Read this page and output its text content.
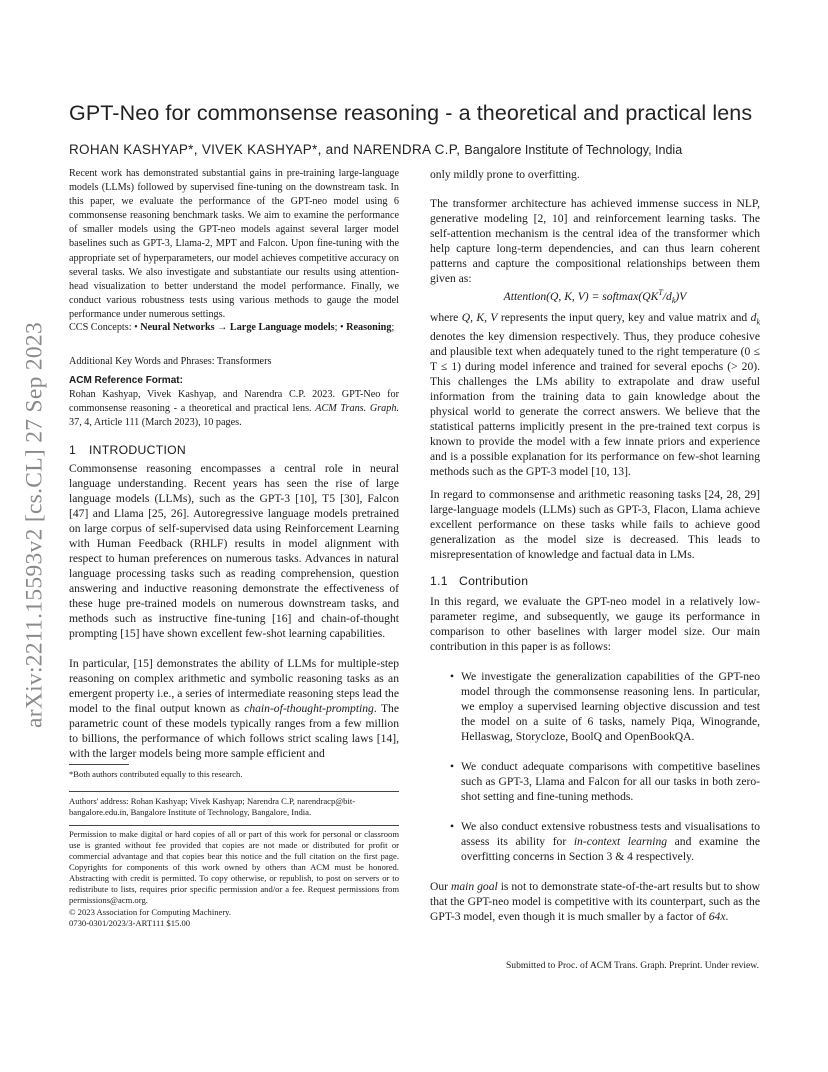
arXiv:2211.15593v2 [cs.CL] 27 Sep 2023
GPT-Neo for commonsense reasoning - a theoretical and practical lens
ROHAN KASHYAP*, VIVEK KASHYAP*, and NARENDRA C.P, Bangalore Institute of Technology, India

Recent work has demonstrated substantial gains in pre-training large-language models (LLMs) followed by supervised fine-tuning on the downstream task. In this paper, we evaluate the performance of the GPT-neo model using 6 commonsense reasoning benchmark tasks. We aim to examine the performance of smaller models using the GPT-neo models against several larger model baselines such as GPT-3, Llama-2, MPT and Falcon. Upon fine-tuning with the appropriate set of hyperparameters, our model achieves competitive accuracy on several tasks. We also investigate and substantiate our results using attention-head visualization to better understand the model performance. Finally, we conduct various robustness tests using various methods to gauge the model performance under numerous settings.

CCS Concepts: • Neural Networks → Large Language models; • Reasoning;

Additional Key Words and Phrases: Transformers

ACM Reference Format:

Rohan Kashyap, Vivek Kashyap, and Narendra C.P. 2023. GPT-Neo for commonsense reasoning - a theoretical and practical lens. ACM Trans. Graph. 37, 4, Article 111 (March 2023), 10 pages.

1 INTRODUCTION

Commonsense reasoning encompasses a central role in neural language understanding. Recent years has seen the rise of large language models (LLMs), such as the GPT-3 [10], T5 [30], Falcon [47] and Llama [25, 26]. Autoregressive language models pretrained on large corpus of self-supervised data using Reinforcement Learning with Human Feedback (RHLF) results in model alignment with respect to human preferences on numerous tasks. Advances in natural language processing tasks such as reading comprehension, question answering and inductive reasoning demonstrate the effectiveness of these huge pre-trained models on numerous downstream tasks, and methods such as instructive fine-tuning [16] and chain-of-thought prompting [15] have shown excellent few-shot learning capabilities.

In particular, [15] demonstrates the ability of LLMs for multiple-step reasoning on complex arithmetic and symbolic reasoning tasks as an emergent property i.e., a series of intermediate reasoning steps lead the model to the final output known as chain-of-thought-prompting. The parametric count of these models typically ranges from a few million to billions, the performance of which follows strict scaling laws [14], with the larger models being more sample efficient and

*Both authors contributed equally to this research.

Authors' address: Rohan Kashyap; Vivek Kashyap; Narendra C.P, narendracp@bit-bangalore.edu.in, Bangalore Institute of Technology, Bangalore, India.

Permission to make digital or hard copies of all or part of this work for personal or classroom use is granted without fee provided that copies are not made or distributed for profit or commercial advantage and that copies bear this notice and the full citation on the first page. Copyrights for components of this work owned by others than ACM must be honored. Abstracting with credit is permitted. To copy otherwise, or republish, to post on servers or to redistribute to lists, requires prior specific permission and/or a fee. Request permissions from permissions@acm.org.

© 2023 Association for Computing Machinery.
0730-0301/2023/3-ART111 $15.00
only mildly prone to overfitting.

The transformer architecture has achieved immense success in NLP, generative modeling [2, 10] and reinforcement learning tasks. The self-attention mechanism is the central idea of the transformer which help capture long-term dependencies, and can thus learn coherent patterns and capture the compositional relationships between them given as:

Attention(Q, K, $V) = softmax(QK^T/d_k)V$

where Q, K, V represents the input query, key and value matrix and $d_k$ denotes the key dimension respectively. Thus, they produce cohesive and plausible text when adequately tuned to the right temperature (0 ≤ T ≤ 1) during model inference and trained for several epochs (> 20). This challenges the LMs ability to extrapolate and draw useful information from the training data to gain knowledge about the physical world to generate the correct answers. We believe that the statistical patterns implicitly present in the pre-trained text corpus is known to provide the model with a few innate priors and experience and is a possible explanation for its performance on few-shot learning methods such as the GPT-3 model [10, 13].

In regard to commonsense and arithmetic reasoning tasks [24, 28, 29] large-language models (LLMs) such as GPT-3, Flacon, Llama achieve excellent performance on these tasks while fails to achieve good generalization as the model size is decreased. This leads to misrepresentation of knowledge and factual data in LMs.

1.1 Contribution

In this regard, we evaluate the GPT-neo model in a relatively low-parameter regime, and subsequently, we gauge its performance in comparison to other baselines with larger model size. Our main contribution in this paper is as follows:

• We investigate the generalization capabilities of the GPT-neo model through the commonsense reasoning lens. In particular, we employ a supervised learning objective discussion and test the model on a suite of 6 tasks, namely Piqa, Winogrande, Hellaswag, Storycloze, BoolQ and OpenBookQA.
• We conduct adequate comparisons with competitive baselines such as GPT-3, Llama and Falcon for all our tasks in both zero-shot setting and fine-tuning methods.
• We also conduct extensive robustness tests and visualisations to assess its ability for in-context learning and examine the overfitting concerns in Section 3 & 4 respectively.

Our main goal is not to demonstrate state-of-the-art results but to show that the GPT-neo model is competitive with its counterpart, such as the GPT-3 model, even though it is much smaller by a factor of 64x.

Submitted to Proc. of ACM Trans. Graph. Preprint. Under review.
